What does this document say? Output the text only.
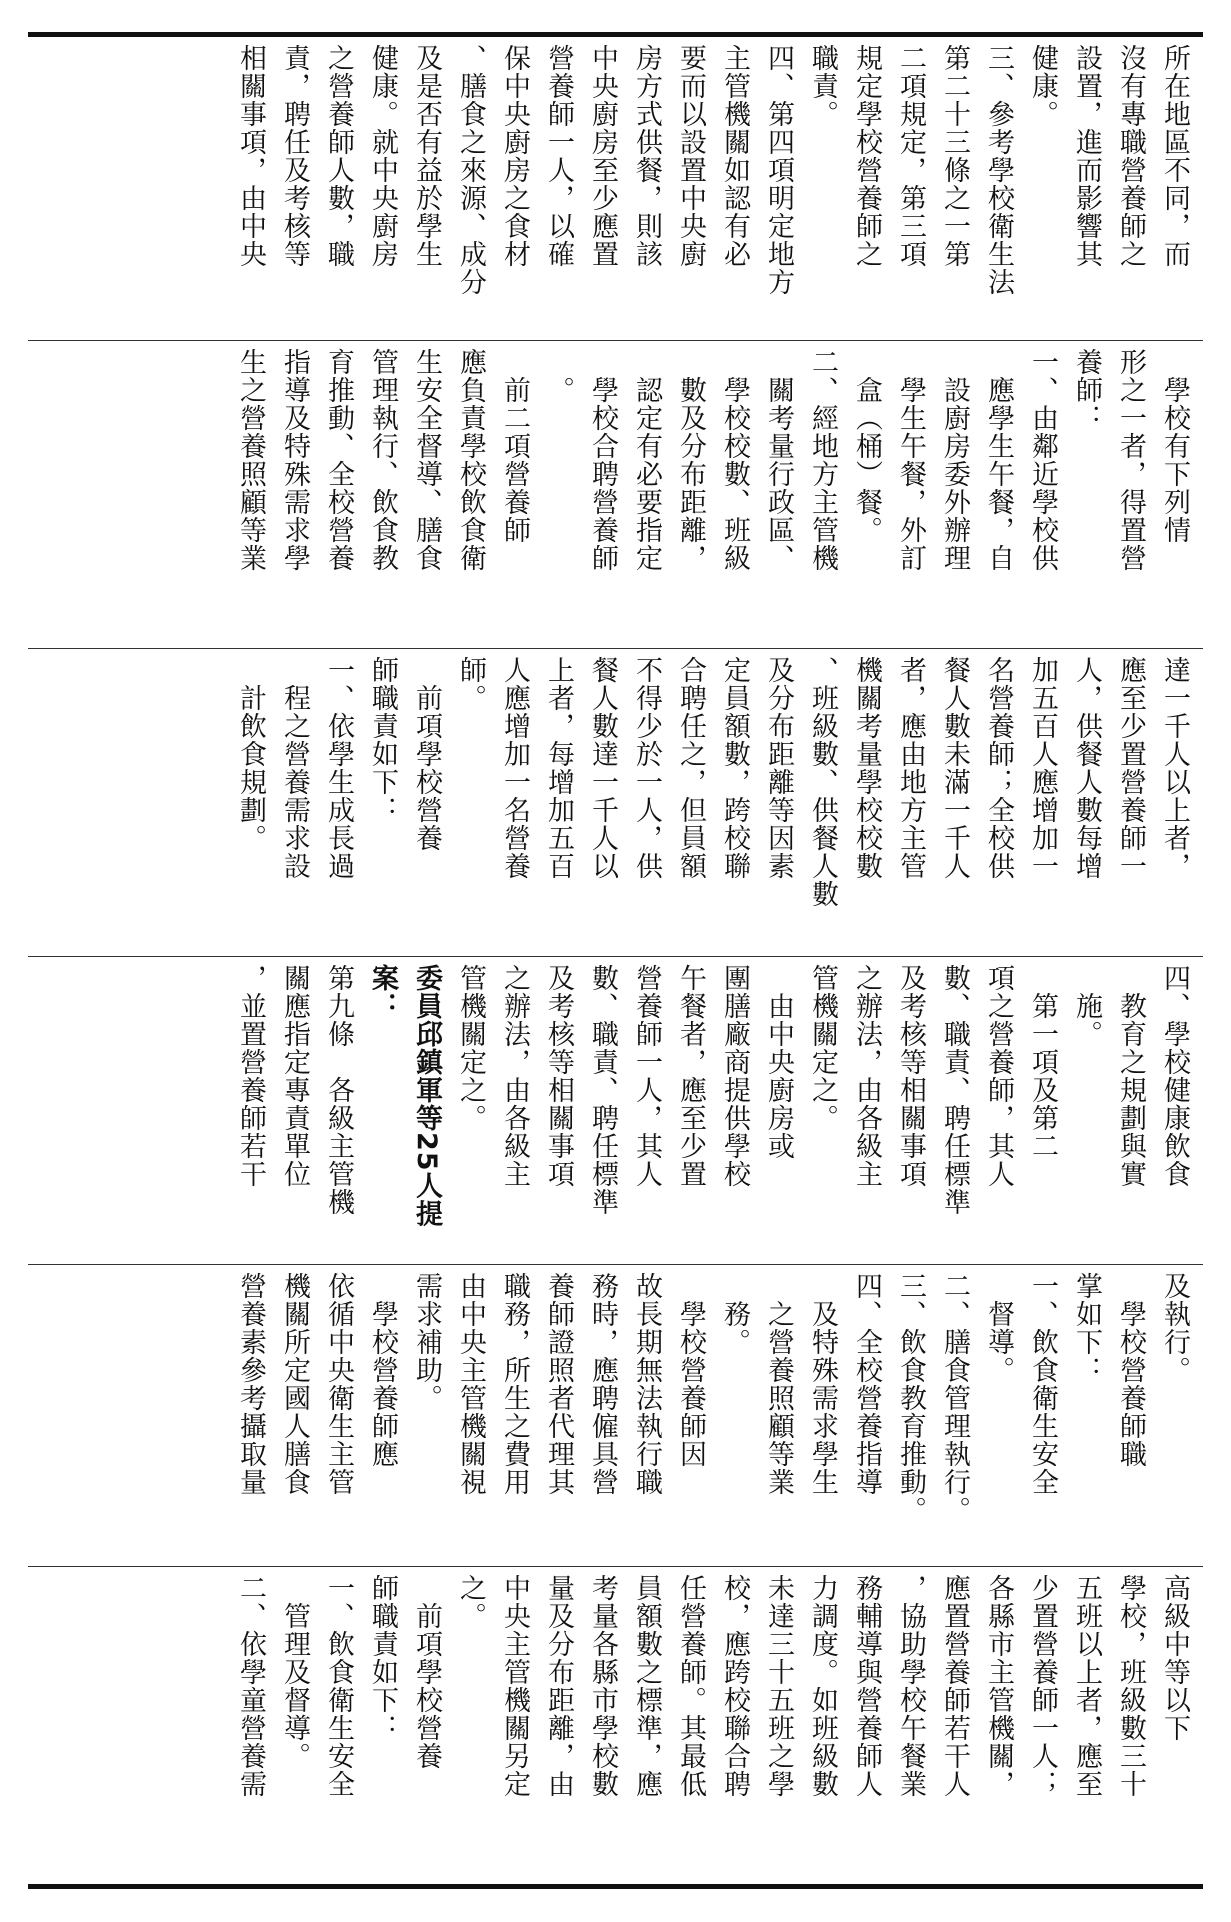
高級中等以下
學校，班級數三十
五班以上者，應至
少置營養師一人；
各縣市主管機關，
應置營養師若干人
，協助學校午餐業
務輔導與營養師人
力調度。如班級數
未達三十五班之學
校，應跨校聯合聘
任營養師。其最低
員額數之標準，應
考量各縣市學校數
量及分布距離，由
中央主管機關另定
之。
　前項學校營養
師職責如下：
一、飲食衛生安全
　管理及督導。
二、依學童營養需
及執行。
　學校營養師職
掌如下：
一、飲食衛生安全
　督導。
二、膳食管理執行。
三、飲食教育推動。
四、全校營養指導
　及特殊需求學生
　之營養照顧等業
　務。
　學校營養師因
故長期無法執行職
務時，應聘僱具營
養師證照者代理其
職務，所生之費用
由中央主管機關視
需求補助。
　學校營養師應
依循中央衛生主管
機關所定國人膳食
營養素參考攝取量
四、學校健康飲食
　教育之規劃與實
　施。
　第一項及第二
項之營養師，其人
數、職責、聘任標準
及考核等相關事項
之辦法，由各級主
管機關定之。
　由中央廚房或
團膳廠商提供學校
午餐者，應至少置
營養師一人，其人
數、職責、聘任標準
及考核等相關事項
之辦法，由各級主
管機關定之。
委員邱鎮軍等25人提
案：
第九條　各級主管機
關應指定專責單位
，並置營養師若干
達一千人以上者，
應至少置營養師一
人，供餐人數每增
加五百人應增加一
名營養師；全校供
餐人數未滿一千人
者，應由地方主管
機關考量學校校數
、班級數、供餐人數
及分布距離等因素
定員額數，跨校聯
合聘任之，但員額
不得少於一人，供
餐人數達一千人以
上者，每增加五百
人應增加一名營養
師。
　前項學校營養
師職責如下：
一、依學生成長過
　程之營養需求設
　計飲食規劃。
　學校有下列情
形之一者，得置營
養師：
一、由鄰近學校供
　應學生午餐，自
　設廚房委外辦理
　學生午餐，外訂
　盒（桶）餐。
二、經地方主管機
　關考量行政區、
　學校校數、班級
　數及分布距離，
　認定有必要指定
　學校合聘營養師
　。
　前二項營養師
應負責學校飲食衛
生安全督導、膳食
管理執行、飲食教
育推動、全校營養
指導及特殊需求學
生之營養照顧等業
所在地區不同，而
沒有專職營養師之
設置，進而影響其
健康。
三、參考學校衛生法
第二十三條之一第
二項規定，第三項
規定學校營養師之
職責。
四、第四項明定地方
主管機關如認有必
要而以設置中央廚
房方式供餐，則該
中央廚房至少應置
營養師一人，以確
保中央廚房之食材
、膳食之來源、成分
及是否有益於學生
健康。就中央廚房
之營養師人數，職
責，聘任及考核等
相關事項，由中央
